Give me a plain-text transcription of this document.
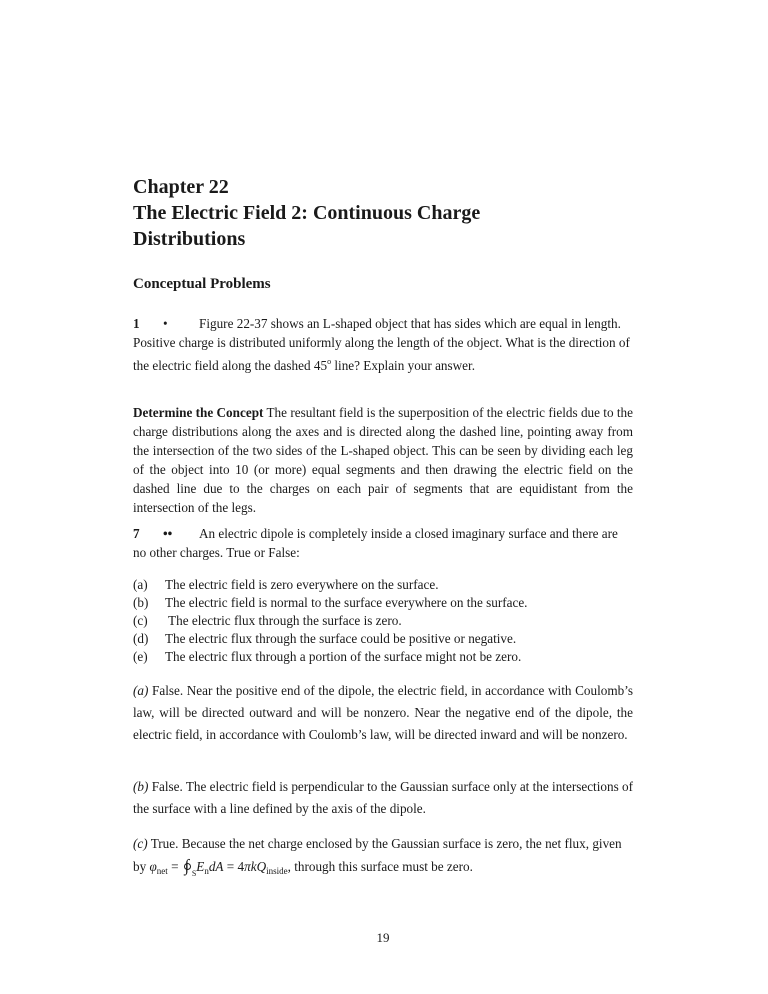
Chapter 22
The Electric Field 2: Continuous Charge
Distributions
Conceptual Problems

1 • Figure 22-37 shows an L-shaped object that has sides which are equal in length. Positive charge is distributed uniformly along the length of the object. What is the direction of the electric field along the dashed 45$^o$ line? Explain your answer.

Determine the Concept The resultant field is the superposition of the electric fields due to the charge distributions along the axes and is directed along the dashed line, pointing away from the intersection of the two sides of the L-shaped object. This can be seen by dividing each leg of the object into 10 (or more) equal segments and then drawing the electric field on the dashed line due to the charges on each pair of segments that are equidistant from the intersection of the legs.

7 •• An electric dipole is completely inside a closed imaginary surface and there are no other charges. True or False:

(a) The electric field is zero everywhere on the surface.
(b) The electric field is normal to the surface everywhere on the surface.
(c) The electric flux through the surface is zero.
(d) The electric flux through the surface could be positive or negative.
(e) The electric flux through a portion of the surface might not be zero.

(a) False. Near the positive end of the dipole, the electric field, in accordance with Coulomb’s law, will be directed outward and will be nonzero. Near the negative end of the dipole, the electric field, in accordance with Coulomb’s law, will be directed inward and will be nonzero.

(b) False. The electric field is perpendicular to the Gaussian surface only at the intersections of the surface with a line defined by the axis of the dipole.

(c) True. Because the net charge enclosed by the Gaussian surface is zero, the net flux, given by $\varphi_{net}$ = ∫ $_SE_ndA = 4\pi kQ_{inside}$, through this surface must be zero.

19
